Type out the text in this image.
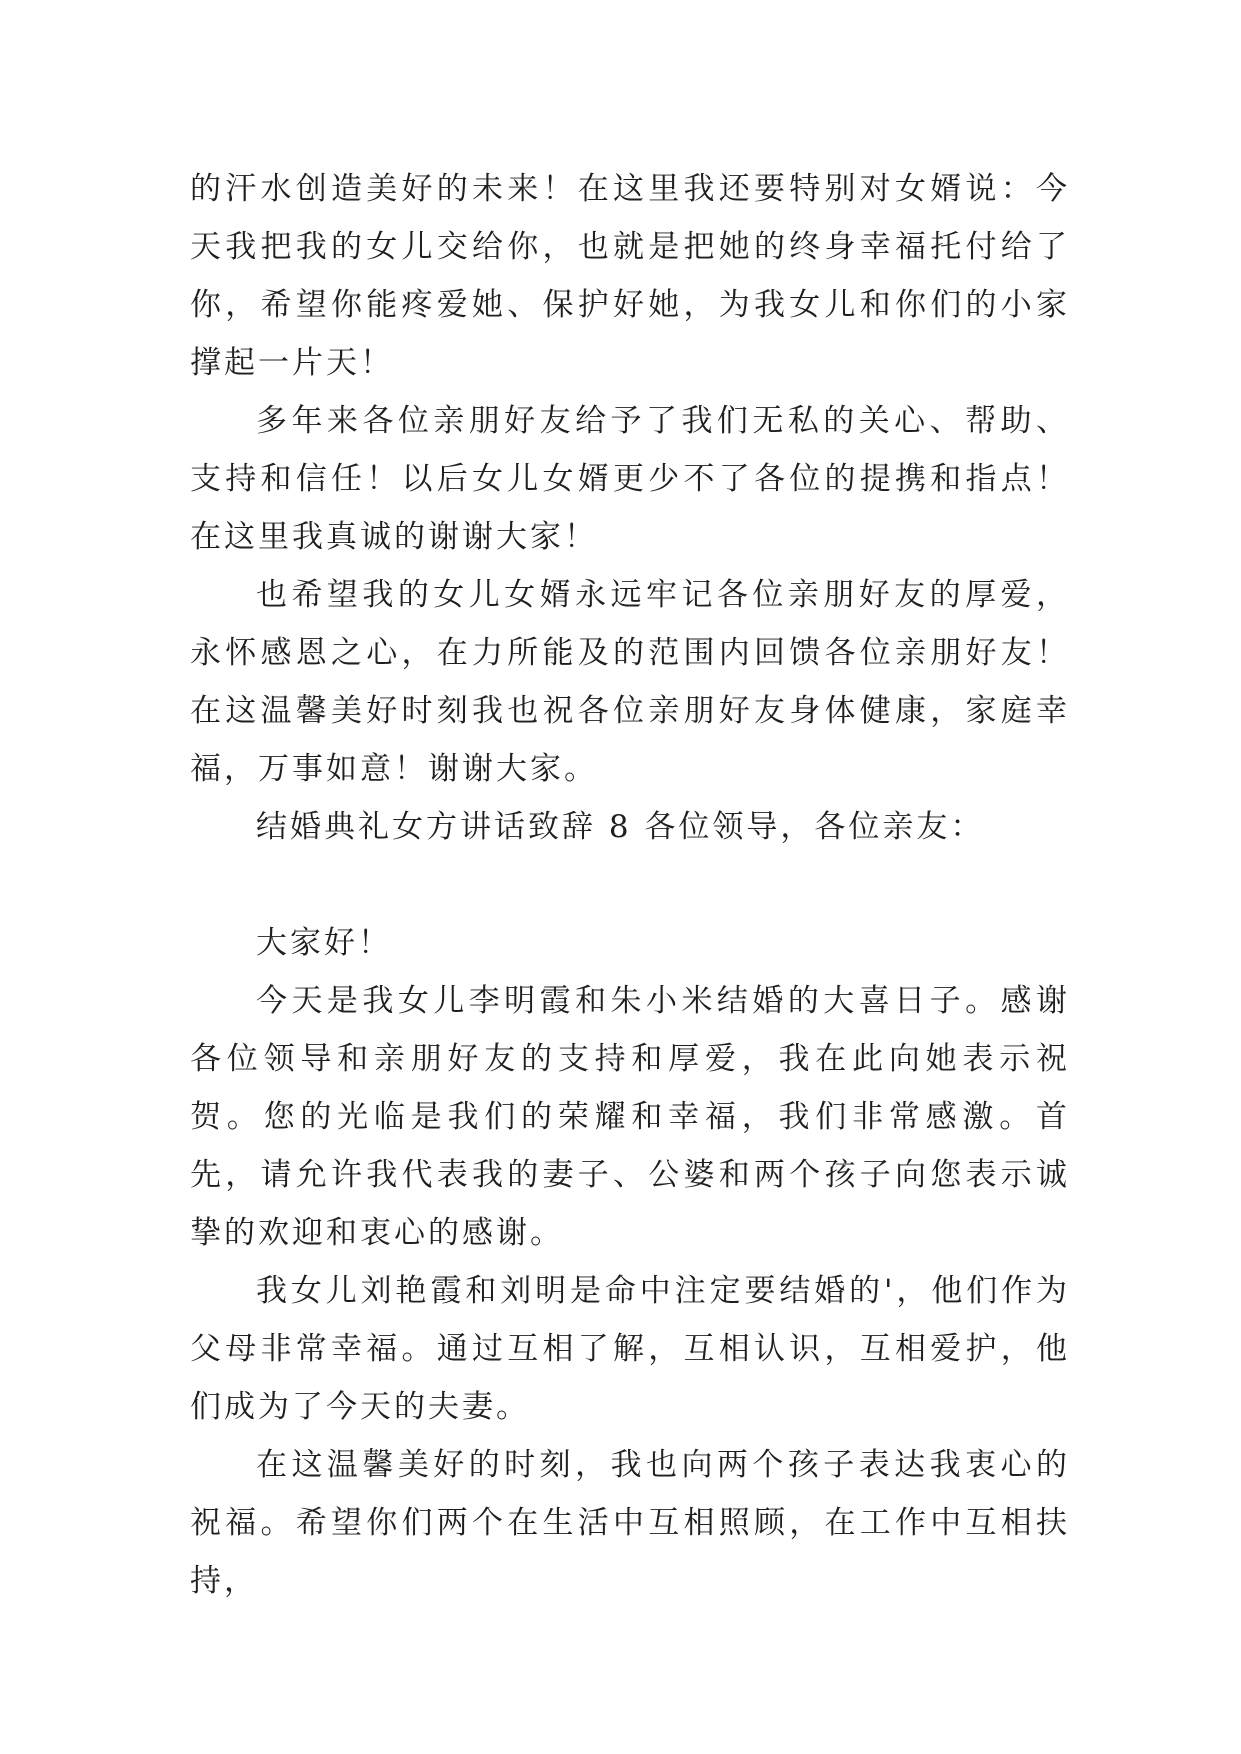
的汗水创造美好的未来！在这里我还要特别对女婿说：今天我把我的女儿交给你，也就是把她的终身幸福托付给了你，希望你能疼爱她、保护好她，为我女儿和你们的小家撑起一片天！

多年来各位亲朋好友给予了我们无私的关心、帮助、支持和信任！以后女儿女婿更少不了各位的提携和指点！在这里我真诚的谢谢大家！

也希望我的女儿女婿永远牢记各位亲朋好友的厚爱，永怀感恩之心，在力所能及的范围内回馈各位亲朋好友！在这温馨美好时刻我也祝各位亲朋好友身体健康，家庭幸福，万事如意！谢谢大家。

结婚典礼女方讲话致辞 8 各位领导，各位亲友：

大家好！

今天是我女儿李明霞和朱小米结婚的大喜日子。感谢各位领导和亲朋好友的支持和厚爱，我在此向她表示祝贺。您的光临是我们的荣耀和幸福，我们非常感激。首先，请允许我代表我的妻子、公婆和两个孩子向您表示诚挚的欢迎和衷心的感谢。

我女儿刘艳霞和刘明是命中注定要结婚的'，他们作为父母非常幸福。通过互相了解，互相认识，互相爱护，他们成为了今天的夫妻。

在这温馨美好的时刻，我也向两个孩子表达我衷心的祝福。希望你们两个在生活中互相照顾，在工作中互相扶持，
